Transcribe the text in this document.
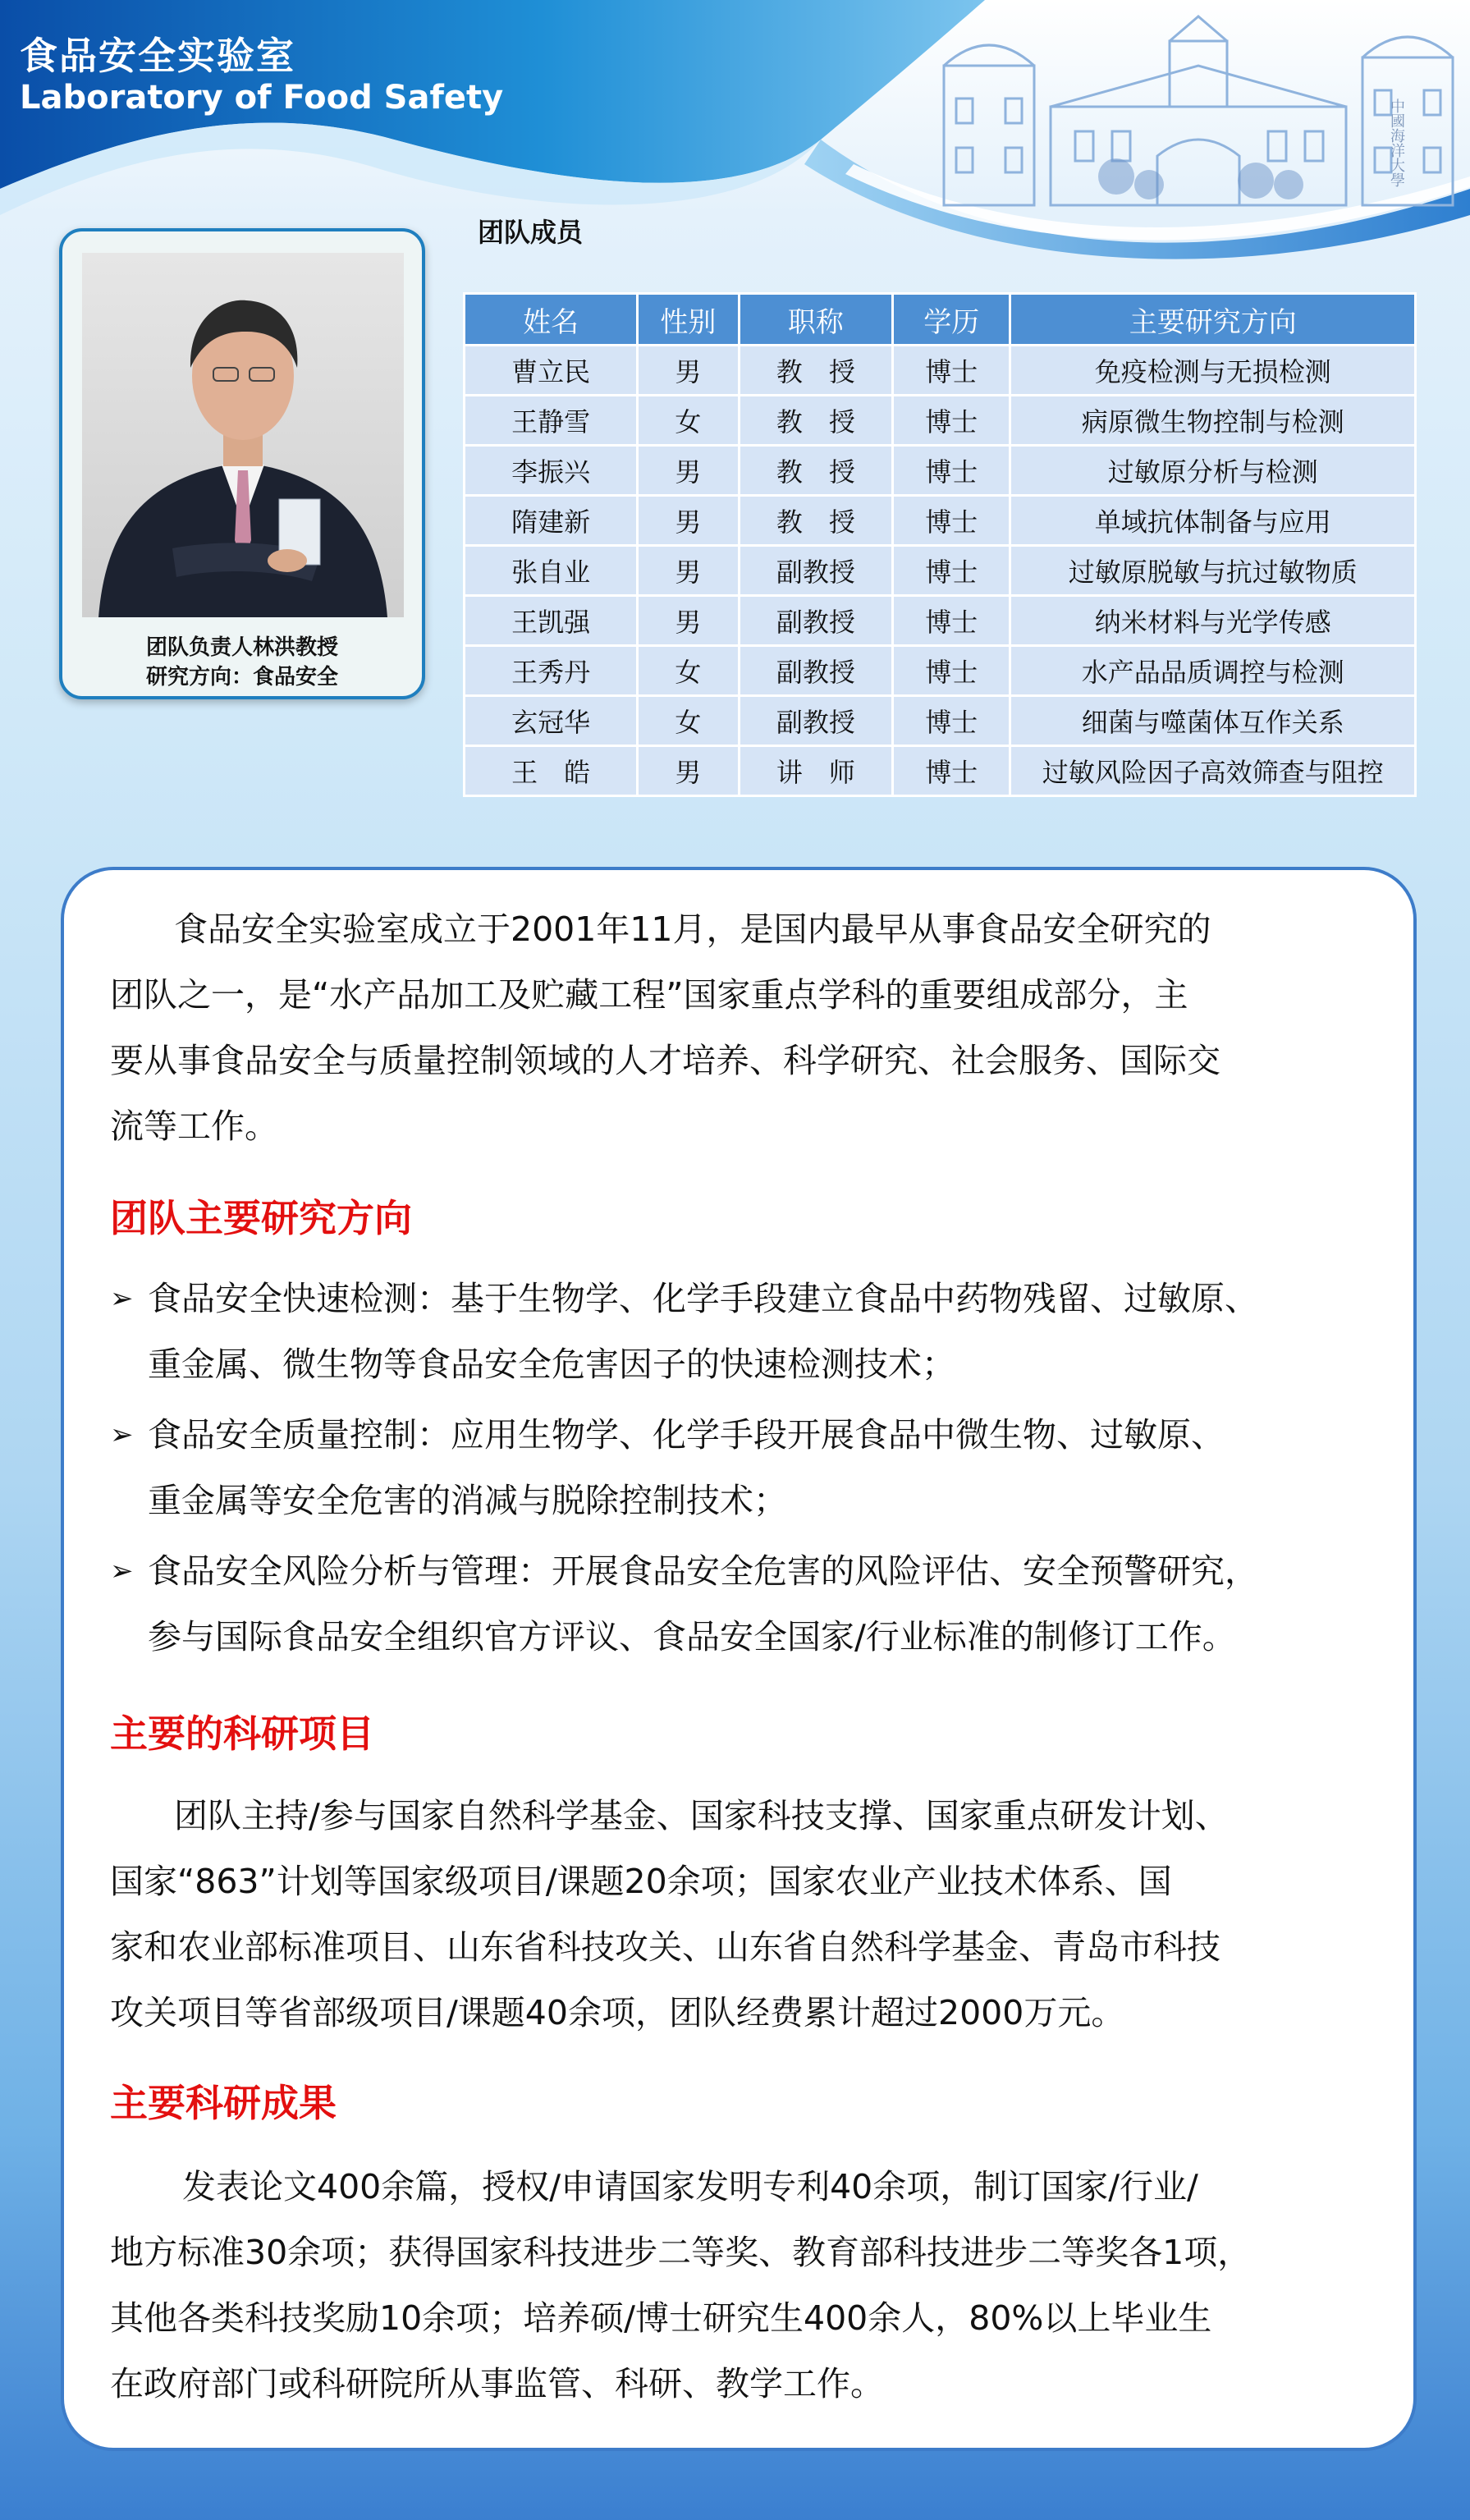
食品安全实验室
Laboratory of Food Safety
中國海洋大學
团队负责人林洪教授
研究方向：食品安全
团队成员
姓名	性别	职称	学历	主要研究方向
曹立民	男	教　授	博士	免疫检测与无损检测
王静雪	女	教　授	博士	病原微生物控制与检测
李振兴	男	教　授	博士	过敏原分析与检测
隋建新	男	教　授	博士	单域抗体制备与应用
张自业	男	副教授	博士	过敏原脱敏与抗过敏物质
王凯强	男	副教授	博士	纳米材料与光学传感
王秀丹	女	副教授	博士	水产品品质调控与检测
玄冠华	女	副教授	博士	细菌与噬菌体互作关系
王　皓	男	讲　师	博士	过敏风险因子高效筛查与阻控

食品安全实验室成立于2001年11月，是国内最早从事食品安全研究的
团队之一，是“水产品加工及贮藏工程”国家重点学科的重要组成部分，主
要从事食品安全与质量控制领域的人才培养、科学研究、社会服务、国际交
流等工作。

团队主要研究方向
➢ 食品安全快速检测：基于生物学、化学手段建立食品中药物残留、过敏原、
重金属、微生物等食品安全危害因子的快速检测技术；
➢ 食品安全质量控制：应用生物学、化学手段开展食品中微生物、过敏原、
重金属等安全危害的消减与脱除控制技术；
➢ 食品安全风险分析与管理：开展食品安全危害的风险评估、安全预警研究，
参与国际食品安全组织官方评议、食品安全国家/行业标准的制修订工作。
主要的科研项目

团队主持/参与国家自然科学基金、国家科技支撑、国家重点研发计划、
国家“863”计划等国家级项目/课题20余项；国家农业产业技术体系、国
家和农业部标准项目、山东省科技攻关、山东省自然科学基金、青岛市科技
攻关项目等省部级项目/课题40余项，团队经费累计超过2000万元。

主要科研成果

发表论文400余篇，授权/申请国家发明专利40余项，制订国家/行业/
地方标准30余项；获得国家科技进步二等奖、教育部科技进步二等奖各1项，
其他各类科技奖励10余项；培养硕/博士研究生400余人，80%以上毕业生
在政府部门或科研院所从事监管、科研、教学工作。
